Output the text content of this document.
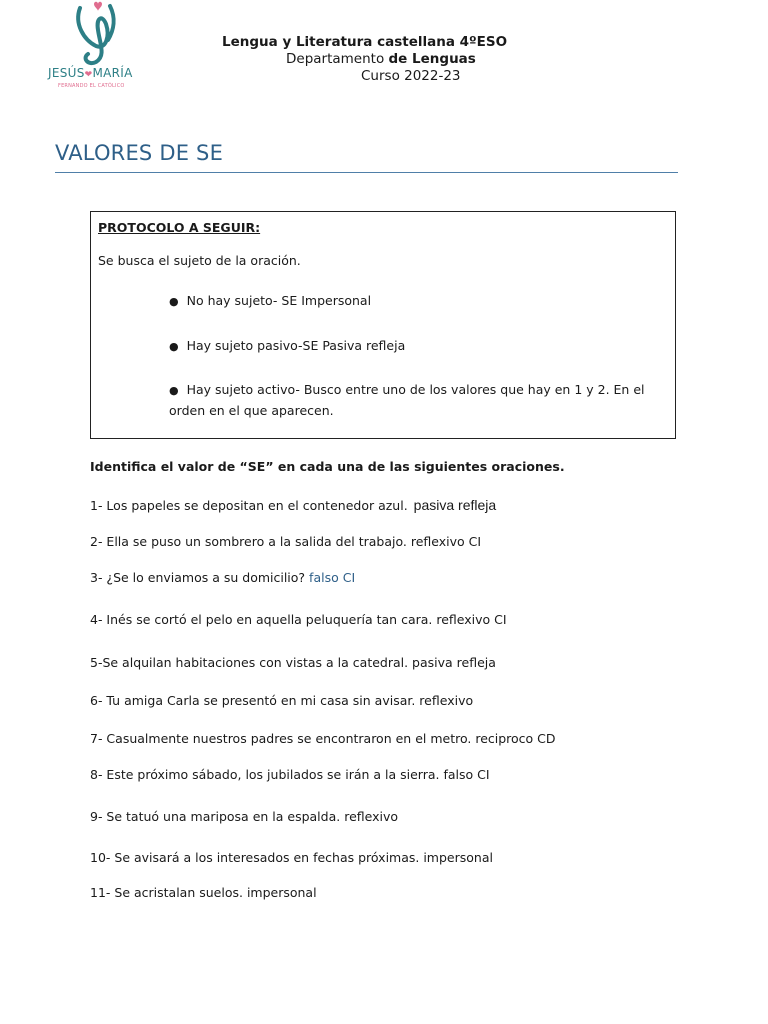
JESÚS❤MARÍA
FERNANDO EL CATÓLICO
Lengua y Literatura castellana 4ºESO
Departamento de Lenguas
Curso 2022-23
VALORES DE SE
PROTOCOLO A SEGUIR:
Se busca el sujeto de la oración.
● No hay sujeto- SE Impersonal
● Hay sujeto pasivo-SE Pasiva refleja
● Hay sujeto activo- Busco entre uno de los valores que hay en 1 y 2. En el orden en el que aparecen.
Identifica el valor de “SE” en cada una de las siguientes oraciones.
1- Los papeles se depositan en el contenedor azul. pasiva refleja
2- Ella se puso un sombrero a la salida del trabajo. reflexivo CI
3- ¿Se lo enviamos a su domicilio? falso CI
4- Inés se cortó el pelo en aquella peluquería tan cara. reflexivo CI
5-Se alquilan habitaciones con vistas a la catedral. pasiva refleja
6- Tu amiga Carla se presentó en mi casa sin avisar. reflexivo
7- Casualmente nuestros padres se encontraron en el metro. reciproco CD
8- Este próximo sábado, los jubilados se irán a la sierra. falso CI
9- Se tatuó una mariposa en la espalda. reflexivo
10- Se avisará a los interesados en fechas próximas. impersonal
11- Se acristalan suelos. impersonal
